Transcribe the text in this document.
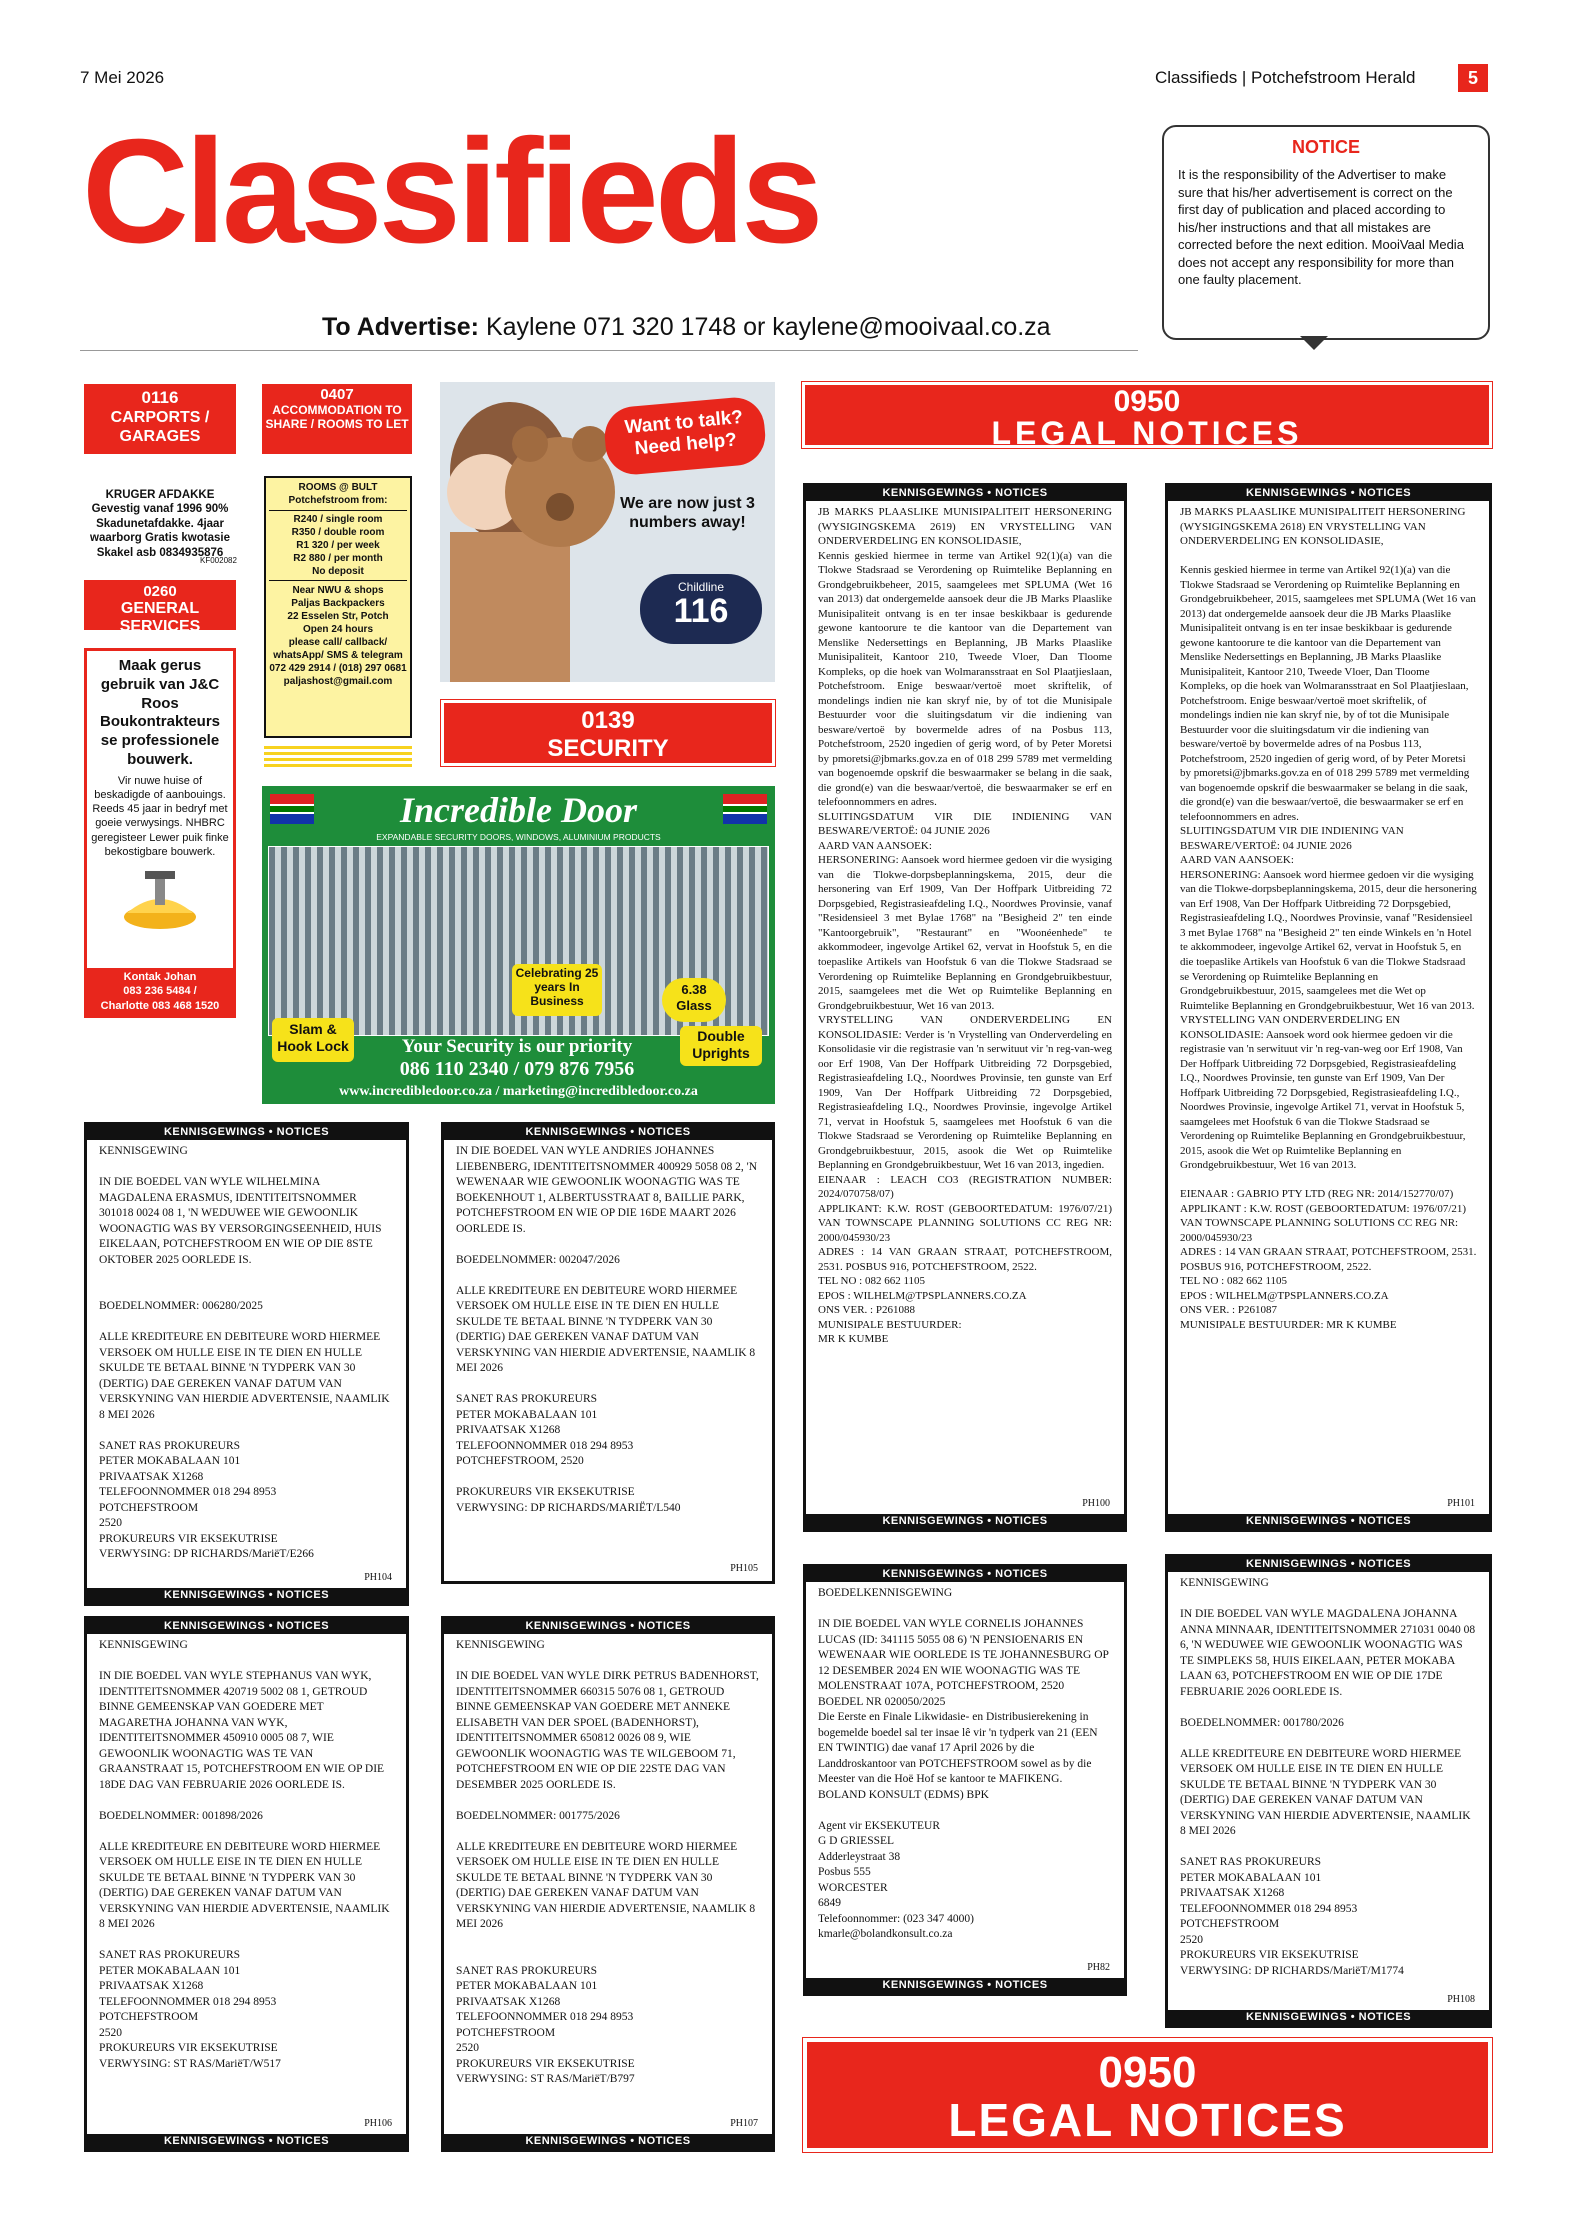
7 Mei 2026	Classifieds | Potchefstroom Herald	5
Classifieds
To Advertise: Kaylene 071 320 1748 or kaylene@mooivaal.co.za
NOTICE
It is the responsibility of the Advertiser to make sure that his/her advertisement is correct on the first day of publication and placed according to his/her instructions and that all mistakes are corrected before the next edition. MooiVaal Media does not accept any responsibility for more than one faulty placement.
0116
CARPORTS / GARAGES
KRUGER AFDAKKE
Gevestig vanaf 1996 90% Skadunetafdakke. 4jaar waarborg Gratis kwotasie Skakel asb 0834935876
KF002082
0260
GENERAL SERVICES
Maak gerus gebruik van J&C Roos Boukontrakteurs se professionele bouwerk.
Vir nuwe huise of beskadigde of aanbouings. Reeds 45 jaar in bedryf met goeie verwysings. NHBRC geregisteer Lewer puik finke bekostigbare bouwerk.
Kontak Johan
083 236 5484 /
Charlotte 083 468 1520
0407
ACCOMMODATION TO SHARE / ROOMS TO LET
ROOMS @ BULT
Potchefstroom from:
R240 / single room
R350 / double room
R1 320 / per week
R2 880 / per month
No deposit
Near NWU & shops
Paljas Backpackers
22 Esselen Str, Potch
Open 24 hours
please call/ callback/ whatsApp/ SMS & telegram
072 429 2914 / (018) 297 0681
paljashost@gmail.com
Want to talk? Need help?
We are now just 3 numbers away!
Childline
116
0139
SECURITY
Incredible Door
EXPANDABLE SECURITY DOORS, WINDOWS, ALUMINIUM PRODUCTS
Celebrating 25 years In Business
6.38 Glass
Slam & Hook Lock
Double Uprights
Your Security is our priority
086 110 2340 / 079 876 7956
www.incredibledoor.co.za / marketing@incredibledoor.co.za
0950
LEGAL NOTICES
KENNISGEWINGS • NOTICES
JB MARKS PLAASLIKE MUNISIPALITEIT HERSONERING (WYSIGINGSKEMA 2619) EN VRYSTELLING VAN ONDERVERDELING EN KONSOLIDASIE,
Kennis geskied hiermee in terme van Artikel 92(1)(a) van die Tlokwe Stadsraad se Verordening op Ruimtelike Beplanning en Grondgebruikbeheer, 2015, saamgelees met SPLUMA (Wet 16 van 2013) dat ondergemelde aansoek deur die JB Marks Plaaslike Munisipaliteit ontvang is en ter insae beskikbaar is gedurende gewone kantoorure te die kantoor van die Departement van Menslike Nedersettings en Beplanning, JB Marks Plaaslike Munisipaliteit, Kantoor 210, Tweede Vloer, Dan Tloome Kompleks, op die hoek van Wolmaransstraat en Sol Plaatjieslaan, Potchefstroom. Enige beswaar/vertoë moet skriftelik, of mondelings indien nie kan skryf nie, by of tot die Munisipale Bestuurder voor die sluitingsdatum vir die indiening van besware/vertoë by bovermelde adres of na Posbus 113, Potchefstroom, 2520 ingedien of gerig word, of by Peter Moretsi by pmoretsi@jbmarks.gov.za en of 018 299 5789 met vermelding van bogenoemde opskrif die beswaarmaker se belang in die saak, die grond(e) van die beswaar/vertoë, die beswaarmaker se erf en telefoonnommers en adres.
SLUITINGSDATUM VIR DIE INDIENING VAN BESWARE/VERTOË: 04 JUNIE 2026
AARD VAN AANSOEK:
HERSONERING: Aansoek word hiermee gedoen vir die wysiging van die Tlokwe-dorpsbeplanningskema, 2015, deur die hersonering van Erf 1909, Van Der Hoffpark Uitbreiding 72 Dorpsgebied, Registrasieafdeling I.Q., Noordwes Provinsie, vanaf "Residensieel 3 met Bylae 1768" na "Besigheid 2" ten einde "Kantoorgebruik", "Restaurant" en "Woonéenhede" te akkommodeer, ingevolge Artikel 62, vervat in Hoofstuk 5, en die toepaslike Artikels van Hoofstuk 6 van die Tlokwe Stadsraad se Verordening op Ruimtelike Beplanning en Grondgebruikbestuur, 2015, saamgelees met die Wet op Ruimtelike Beplanning en Grondgebruikbestuur, Wet 16 van 2013.
VRYSTELLING VAN ONDERVERDELING EN KONSOLIDASIE: Verder is 'n Vrystelling van Onderverdeling en Konsolidasie vir die registrasie van 'n serwituut vir 'n reg-van-weg oor Erf 1908, Van Der Hoffpark Uitbreiding 72 Dorpsgebied, Registrasieafdeling I.Q., Noordwes Provinsie, ten gunste van Erf 1909, Van Der Hoffpark Uitbreiding 72 Dorpsgebied, Registrasieafdeling I.Q., Noordwes Provinsie, ingevolge Artikel 71, vervat in Hoofstuk 5, saamgelees met Hoofstuk 6 van die Tlokwe Stadsraad se Verordening op Ruimtelike Beplanning en Grondgebruikbestuur, 2015, asook die Wet op Ruimtelike Beplanning en Grondgebruikbestuur, Wet 16 van 2013, ingedien.
EIENAAR : LEACH CO3 (REGISTRATION NUMBER: 2024/070758/07)
APPLIKANT: K.W. ROST (GEBOORTEDATUM: 1976/07/21) VAN TOWNSCAPE PLANNING SOLUTIONS CC REG NR: 2000/045930/23
ADRES : 14 VAN GRAAN STRAAT, POTCHEFSTROOM, 2531. POSBUS 916, POTCHEFSTROOM, 2522.
TEL NO : 082 662 1105
EPOS : WILHELM@TPSPLANNERS.CO.ZA
ONS VER. : P261088
MUNISIPALE BESTUURDER:
MR K KUMBE
PH100
KENNISGEWINGS • NOTICES
KENNISGEWINGS • NOTICES
JB MARKS PLAASLIKE MUNISIPALITEIT HERSONERING (WYSIGINGSKEMA 2618) EN VRYSTELLING VAN ONDERVERDELING EN KONSOLIDASIE,

Kennis geskied hiermee in terme van Artikel 92(1)(a) van die Tlokwe Stadsraad se Verordening op Ruimtelike Beplanning en Grondgebruikbeheer, 2015, saamgelees met SPLUMA (Wet 16 van 2013) dat ondergemelde aansoek deur die JB Marks Plaaslike Munisipaliteit ontvang is en ter insae beskikbaar is gedurende gewone kantoorure te die kantoor van die Departement van Menslike Nedersettings en Beplanning, JB Marks Plaaslike Munisipaliteit, Kantoor 210, Tweede Vloer, Dan Tloome Kompleks, op die hoek van Wolmaransstraat en Sol Plaatjieslaan, Potchefstroom. Enige beswaar/vertoë moet skriftelik, of mondelings indien nie kan skryf nie, by of tot die Munisipale Bestuurder voor die sluitingsdatum vir die indiening van besware/vertoë by bovermelde adres of na Posbus 113, Potchefstroom, 2520 ingedien of gerig word, of by Peter Moretsi by pmoretsi@jbmarks.gov.za en of 018 299 5789 met vermelding van bogenoemde opskrif die beswaarmaker se belang in die saak, die grond(e) van die beswaar/vertoë, die beswaarmaker se erf en telefoonnommers en adres.
SLUITINGSDATUM VIR DIE INDIENING VAN BESWARE/VERTOË: 04 JUNIE 2026
AARD VAN AANSOEK:
HERSONERING: Aansoek word hiermee gedoen vir die wysiging van die Tlokwe-dorpsbeplanningskema, 2015, deur die hersonering van Erf 1908, Van Der Hoffpark Uitbreiding 72 Dorpsgebied, Registrasieafdeling I.Q., Noordwes Provinsie, vanaf "Residensieel 3 met Bylae 1768" na "Besigheid 2" ten einde Winkels en 'n Hotel te akkommodeer, ingevolge Artikel 62, vervat in Hoofstuk 5, en die toepaslike Artikels van Hoofstuk 6 van die Tlokwe Stadsraad se Verordening op Ruimtelike Beplanning en Grondgebruikbestuur, 2015, saamgelees met die Wet op Ruimtelike Beplanning en Grondgebruikbestuur, Wet 16 van 2013.
VRYSTELLING VAN ONDERVERDELING EN KONSOLIDASIE: Aansoek word ook hiermee gedoen vir die registrasie van 'n serwituut vir 'n reg-van-weg oor Erf 1908, Van Der Hoffpark Uitbreiding 72 Dorpsgebied, Registrasieafdeling I.Q., Noordwes Provinsie, ten gunste van Erf 1909, Van Der Hoffpark Uitbreiding 72 Dorpsgebied, Registrasieafdeling I.Q., Noordwes Provinsie, ingevolge Artikel 71, vervat in Hoofstuk 5, saamgelees met Hoofstuk 6 van die Tlokwe Stadsraad se Verordening op Ruimtelike Beplanning en Grondgebruikbestuur, 2015, asook die Wet op Ruimtelike Beplanning en Grondgebruikbestuur, Wet 16 van 2013.

EIENAAR : GABRIO PTY LTD (REG NR: 2014/152770/07)
APPLIKANT : K.W. ROST (GEBOORTEDATUM: 1976/07/21) VAN TOWNSCAPE PLANNING SOLUTIONS CC REG NR: 2000/045930/23
ADRES : 14 VAN GRAAN STRAAT, POTCHEFSTROOM, 2531. POSBUS 916, POTCHEFSTROOM, 2522.
TEL NO : 082 662 1105
EPOS : WILHELM@TPSPLANNERS.CO.ZA
ONS VER. : P261087
MUNISIPALE BESTUURDER: MR K KUMBE
PH101
KENNISGEWINGS • NOTICES
KENNISGEWINGS • NOTICES
KENNISGEWING

IN DIE BOEDEL VAN WYLE WILHELMINA MAGDALENA ERASMUS, IDENTITEITSNOMMER 301018 0024 08 1, 'N WEDUWEE WIE GEWOONLIK WOONAGTIG WAS BY VERSORGINGSEENHEID, HUIS EIKELAAN, POTCHEFSTROOM EN WIE OP DIE 8STE OKTOBER 2025 OORLEDE IS.

BOEDELNOMMER: 006280/2025

ALLE KREDITEURE EN DEBITEURE WORD HIERMEE VERSOEK OM HULLE EISE IN TE DIEN EN HULLE SKULDE TE BETAAL BINNE 'N TYDPERK VAN 30 (DERTIG) DAE GEREKEN VANAF DATUM VAN VERSKYNING VAN HIERDIE ADVERTENSIE, NAAMLIK 8 MEI 2026

SANET RAS PROKUREURS
PETER MOKABALAAN 101
PRIVAATSAK X1268
TELEFOONNOMMER 018 294 8953
POTCHEFSTROOM
2520
PROKUREURS VIR EKSEKUTRISE
VERWYSING: DP RICHARDS/MariëT/E266
PH104
KENNISGEWINGS • NOTICES
KENNISGEWINGS • NOTICES
IN DIE BOEDEL VAN WYLE ANDRIES JOHANNES LIEBENBERG, IDENTITEITSNOMMER 400929 5058 08 2, 'N WEWENAAR WIE GEWOONLIK WOONAGTIG WAS TE BOEKENHOUT 1, ALBERTUSSTRAAT 8, BAILLIE PARK, POTCHEFSTROOM EN WIE OP DIE 16DE MAART 2026 OORLEDE IS.

BOEDELNOMMER: 002047/2026

ALLE KREDITEURE EN DEBITEURE WORD HIERMEE VERSOEK OM HULLE EISE IN TE DIEN EN HULLE SKULDE TE BETAAL BINNE 'N TYDPERK VAN 30 (DERTIG) DAE GEREKEN VANAF DATUM VAN VERSKYNING VAN HIERDIE ADVERTENSIE, NAAMLIK 8 MEI 2026

SANET RAS PROKUREURS
PETER MOKABALAAN 101
PRIVAATSAK X1268
TELEFOONNOMMER 018 294 8953
POTCHEFSTROOM, 2520

PROKUREURS VIR EKSEKUTRISE
VERWYSING: DP RICHARDS/MARIËT/L540
PH105	KENNISGEWINGS • NOTICES
BOEDELKENNISGEWING

IN DIE BOEDEL VAN WYLE CORNELIS JOHANNES LUCAS (ID: 341115 5055 08 6) 'N PENSIOENARIS EN WEWENAAR WIE OORLEDE IS TE JOHANNESBURG OP 12 DESEMBER 2024 EN WIE WOONAGTIG WAS TE MOLENSTRAAT 107A, POTCHEFSTROOM, 2520
BOEDEL NR 020050/2025
Die Eerste en Finale Likwidasie- en Distribusierekening in bogemelde boedel sal ter insae lê vir 'n tydperk van 21 (EEN EN TWINTIG) dae vanaf 17 April 2026 by die Landdroskantoor van POTCHEFSTROOM sowel as by die Meester van die Hoë Hof se kantoor te MAFIKENG.
BOLAND KONSULT (EDMS) BPK

Agent vir EKSEKUTEUR
G D GRIESSEL
Adderleystraat 38
Posbus 555
WORCESTER
6849
Telefoonnommer: (023 347 4000)
kmarle@bolandkonsult.co.za
PH82
KENNISGEWINGS • NOTICES
KENNISGEWINGS • NOTICES
KENNISGEWING

IN DIE BOEDEL VAN WYLE MAGDALENA JOHANNA ANNA MINNAAR, IDENTITEITSNOMMER 271031 0040 08 6, 'N WEDUWEE WIE GEWOONLIK WOONAGTIG WAS TE SIMPLEKS 58, HUIS EIKELAAN, PETER MOKABA LAAN 63, POTCHEFSTROOM EN WIE OP DIE 17DE FEBRUARIE 2026 OORLEDE IS.

BOEDELNOMMER: 001780/2026

ALLE KREDITEURE EN DEBITEURE WORD HIERMEE VERSOEK OM HULLE EISE IN TE DIEN EN HULLE SKULDE TE BETAAL BINNE 'N TYDPERK VAN 30 (DERTIG) DAE GEREKEN VANAF DATUM VAN VERSKYNING VAN HIERDIE ADVERTENSIE, NAAMLIK 8 MEI 2026

SANET RAS PROKUREURS
PETER MOKABALAAN 101
PRIVAATSAK X1268
TELEFOONNOMMER 018 294 8953
POTCHEFSTROOM
2520
PROKUREURS VIR EKSEKUTRISE
VERWYSING: DP RICHARDS/MariëT/M1774
PH108
KENNISGEWINGS • NOTICES
KENNISGEWINGS • NOTICES
KENNISGEWING

IN DIE BOEDEL VAN WYLE STEPHANUS VAN WYK, IDENTITEITSNOMMER 420719 5002 08 1, GETROUD BINNE GEMEENSKAP VAN GOEDERE MET MAGARETHA JOHANNA VAN WYK, IDENTITEITSNOMMER 450910 0005 08 7, WIE GEWOONLIK WOONAGTIG WAS TE VAN GRAANSTRAAT 15, POTCHEFSTROOM EN WIE OP DIE 18DE DAG VAN FEBRUARIE 2026 OORLEDE IS.

BOEDELNOMMER: 001898/2026

ALLE KREDITEURE EN DEBITEURE WORD HIERMEE VERSOEK OM HULLE EISE IN TE DIEN EN HULLE SKULDE TE BETAAL BINNE 'N TYDPERK VAN 30 (DERTIG) DAE GEREKEN VANAF DATUM VAN VERSKYNING VAN HIERDIE ADVERTENSIE, NAAMLIK 8 MEI 2026

SANET RAS PROKUREURS
PETER MOKABALAAN 101
PRIVAATSAK X1268
TELEFOONNOMMER 018 294 8953
POTCHEFSTROOM
2520
PROKUREURS VIR EKSEKUTRISE
VERWYSING: ST RAS/MariëT/W517
PH106
KENNISGEWINGS • NOTICES
KENNISGEWINGS • NOTICES
KENNISGEWING

IN DIE BOEDEL VAN WYLE DIRK PETRUS BADENHORST, IDENTITEITSNOMMER 660315 5076 08 1, GETROUD BINNE GEMEENSKAP VAN GOEDERE MET ANNEKE ELISABETH VAN DER SPOEL (BADENHORST), IDENTITEITSNOMMER 650812 0026 08 9, WIE GEWOONLIK WOONAGTIG WAS TE WILGEBOOM 71, POTCHEFSTROOM EN WIE OP DIE 22STE DAG VAN DESEMBER 2025 OORLEDE IS.

BOEDELNOMMER: 001775/2026

ALLE KREDITEURE EN DEBITEURE WORD HIERMEE VERSOEK OM HULLE EISE IN TE DIEN EN HULLE SKULDE TE BETAAL BINNE 'N TYDPERK VAN 30 (DERTIG) DAE GEREKEN VANAF DATUM VAN VERSKYNING VAN HIERDIE ADVERTENSIE, NAAMLIK 8 MEI 2026

SANET RAS PROKUREURS
PETER MOKABALAAN 101
PRIVAATSAK X1268
TELEFOONNOMMER 018 294 8953
POTCHEFSTROOM
2520
PROKUREURS VIR EKSEKUTRISE
VERWYSING: ST RAS/MariëT/B797
PH107
KENNISGEWINGS • NOTICES
0950
LEGAL NOTICES
